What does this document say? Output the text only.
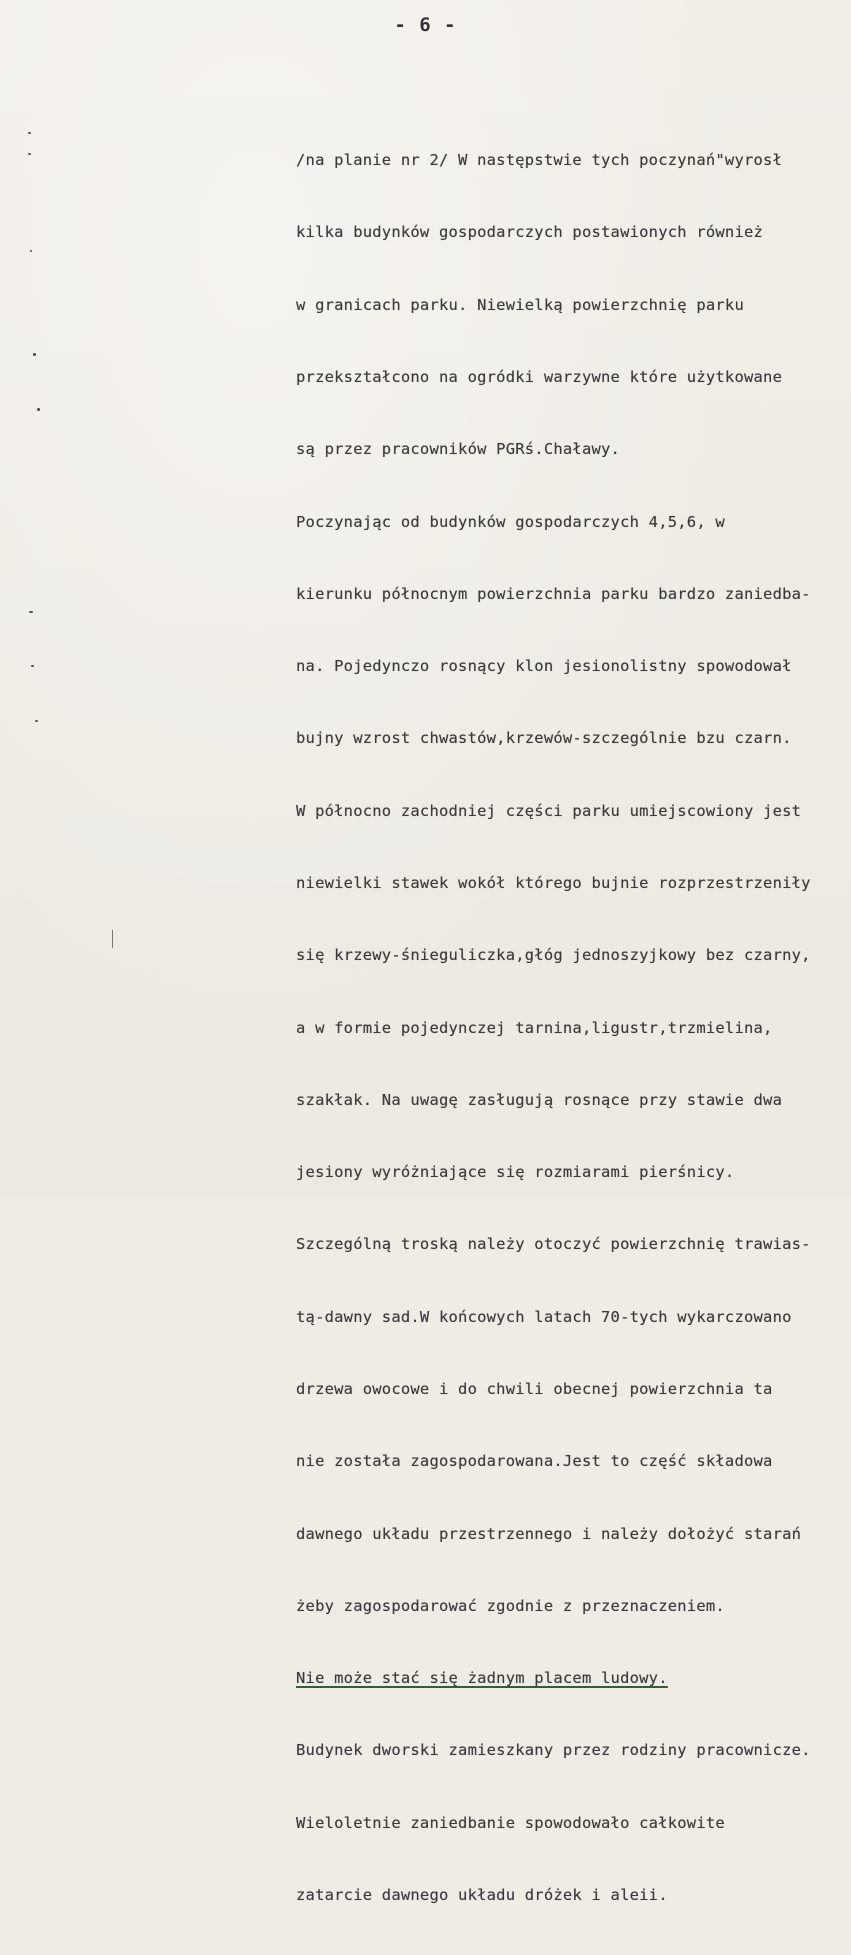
- 6 -

/na planie nr 2/ W następstwie tych poczynań"wyrosł

kilka budynków gospodarczych postawionych również

w granicach parku. Niewielką powierzchnię parku

przekształcono na ogródki warzywne które użytkowane

są przez pracowników PGRś.Chaławy.

Poczynając od budynków gospodarczych 4,5,6, w

kierunku północnym powierzchnia parku bardzo zaniedba-

na. Pojedynczo rosnący klon jesionolistny spowodował

bujny wzrost chwastów,krzewów-szczególnie bzu czarn.

W północno zachodniej części parku umiejscowiony jest

niewielki stawek wokół którego bujnie rozprzestrzeniły

się krzewy-śnieguliczka,głóg jednoszyjkowy bez czarny,

a w formie pojedynczej tarnina,ligustr,trzmielina,

szakłak. Na uwagę zasługują rosnące przy stawie dwa

jesiony wyróżniające się rozmiarami pierśnicy.

Szczególną troską należy otoczyć powierzchnię trawias-

tą-dawny sad.W końcowych latach 70-tych wykarczowano

drzewa owocowe i do chwili obecnej powierzchnia ta

nie została zagospodarowana.Jest to część składowa

dawnego układu przestrzennego i należy dołożyć starań

żeby zagospodarować zgodnie z przeznaczeniem.

Nie może stać się żadnym placem ludowy.

Budynek dworski zamieszkany przez rodziny pracownicze.

Wieloletnie zaniedbanie spowodowało całkowite

zatarcie dawnego układu dróżek i aleii.
